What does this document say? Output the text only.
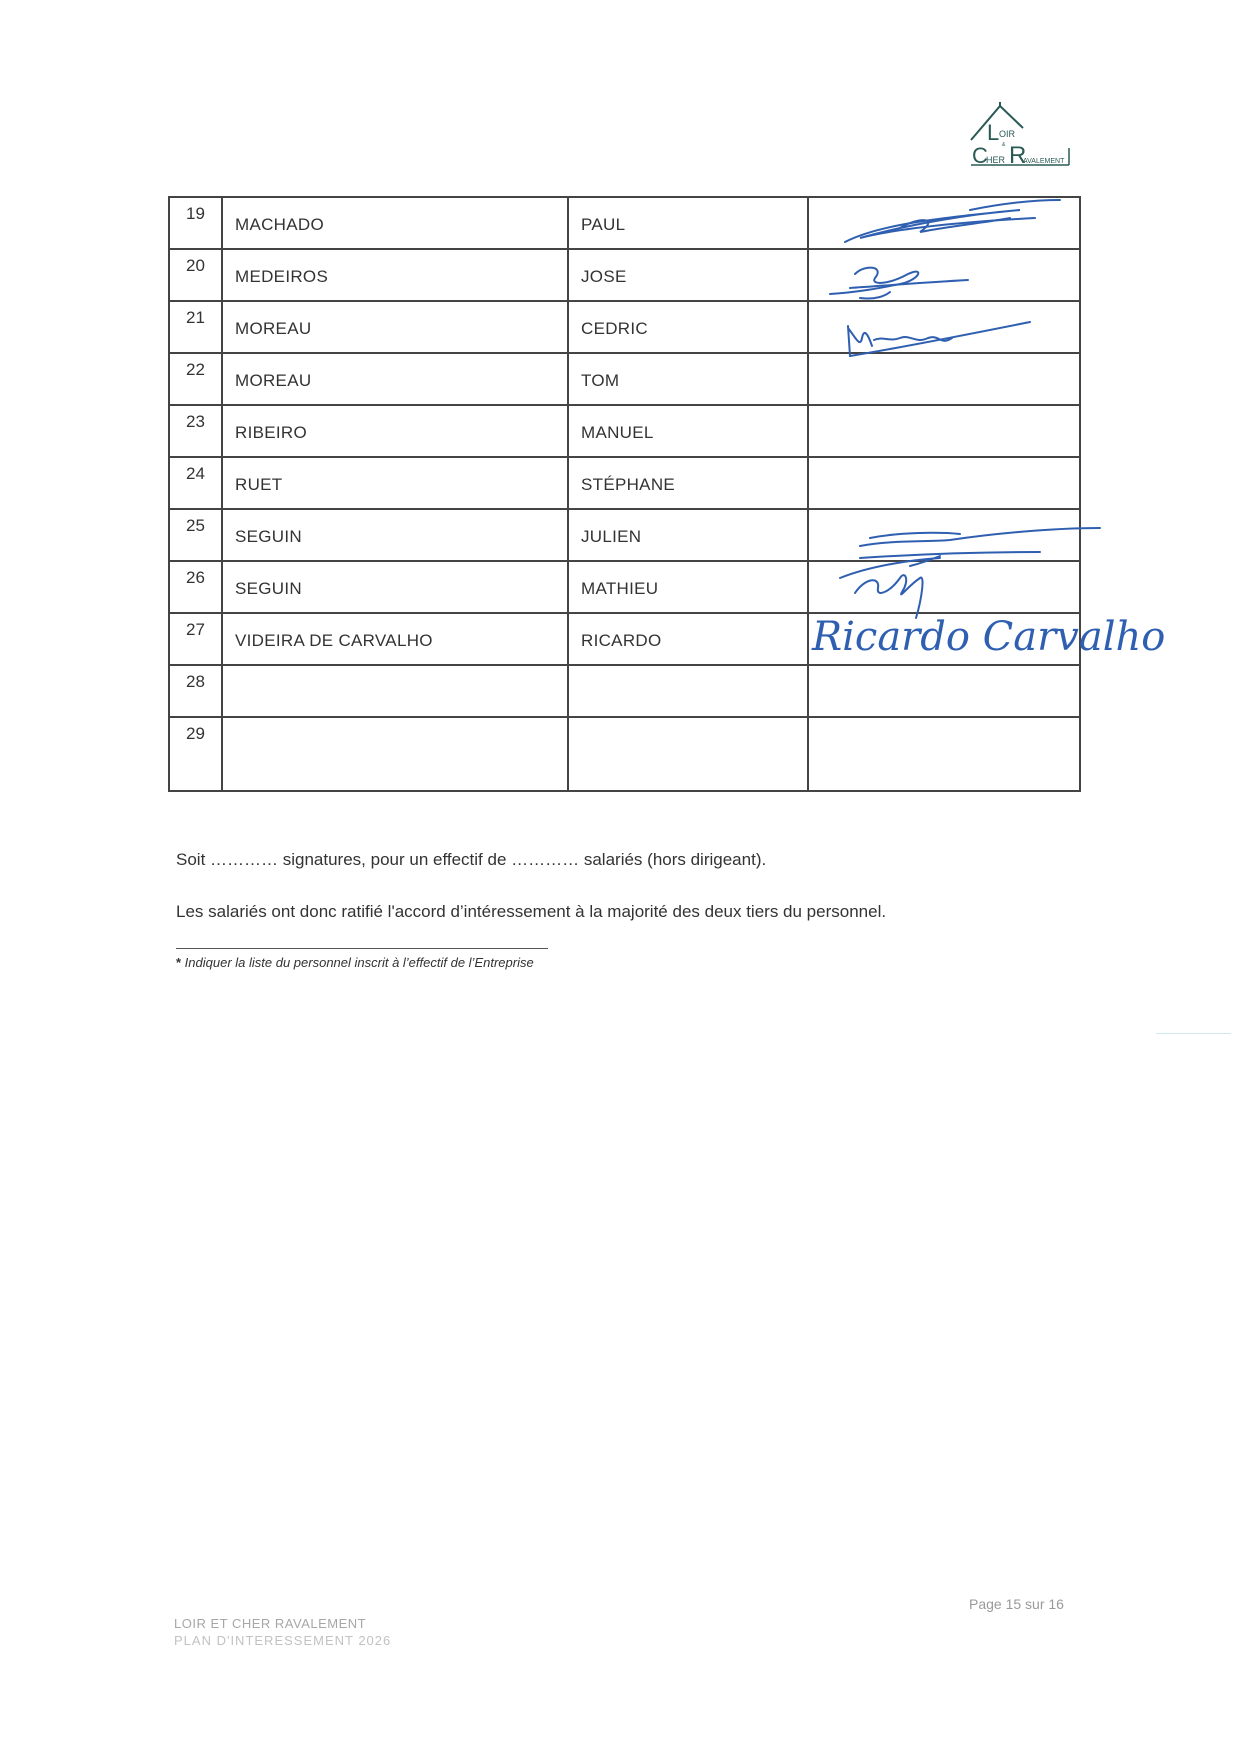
L OIR
&
C
HER R
AVALEMENT
19	MACHADO	PAUL	

20	MEDEIROS	JOSE	

21	MOREAU	CEDRIC	

22	MOREAU	TOM	

23	RIBEIRO	MANUEL	

24	RUET	STÉPHANE	

25	SEGUIN	JULIEN	

26	SEGUIN	MATHIEU	

27	VIDEIRA DE CARVALHO	RICARDO	

28	

29	

Ricardo Carvalho
Soit ………… signatures, pour un effectif de ………… salariés (hors dirigeant).
Les salariés ont donc ratifié l'accord d’intéressement à la majorité des deux tiers du personnel.
* Indiquer la liste du personnel inscrit à l’effectif de l’Entreprise
Page 15 sur 16
LOIR ET CHER RAVALEMENT
PLAN D'INTERESSEMENT 2026
